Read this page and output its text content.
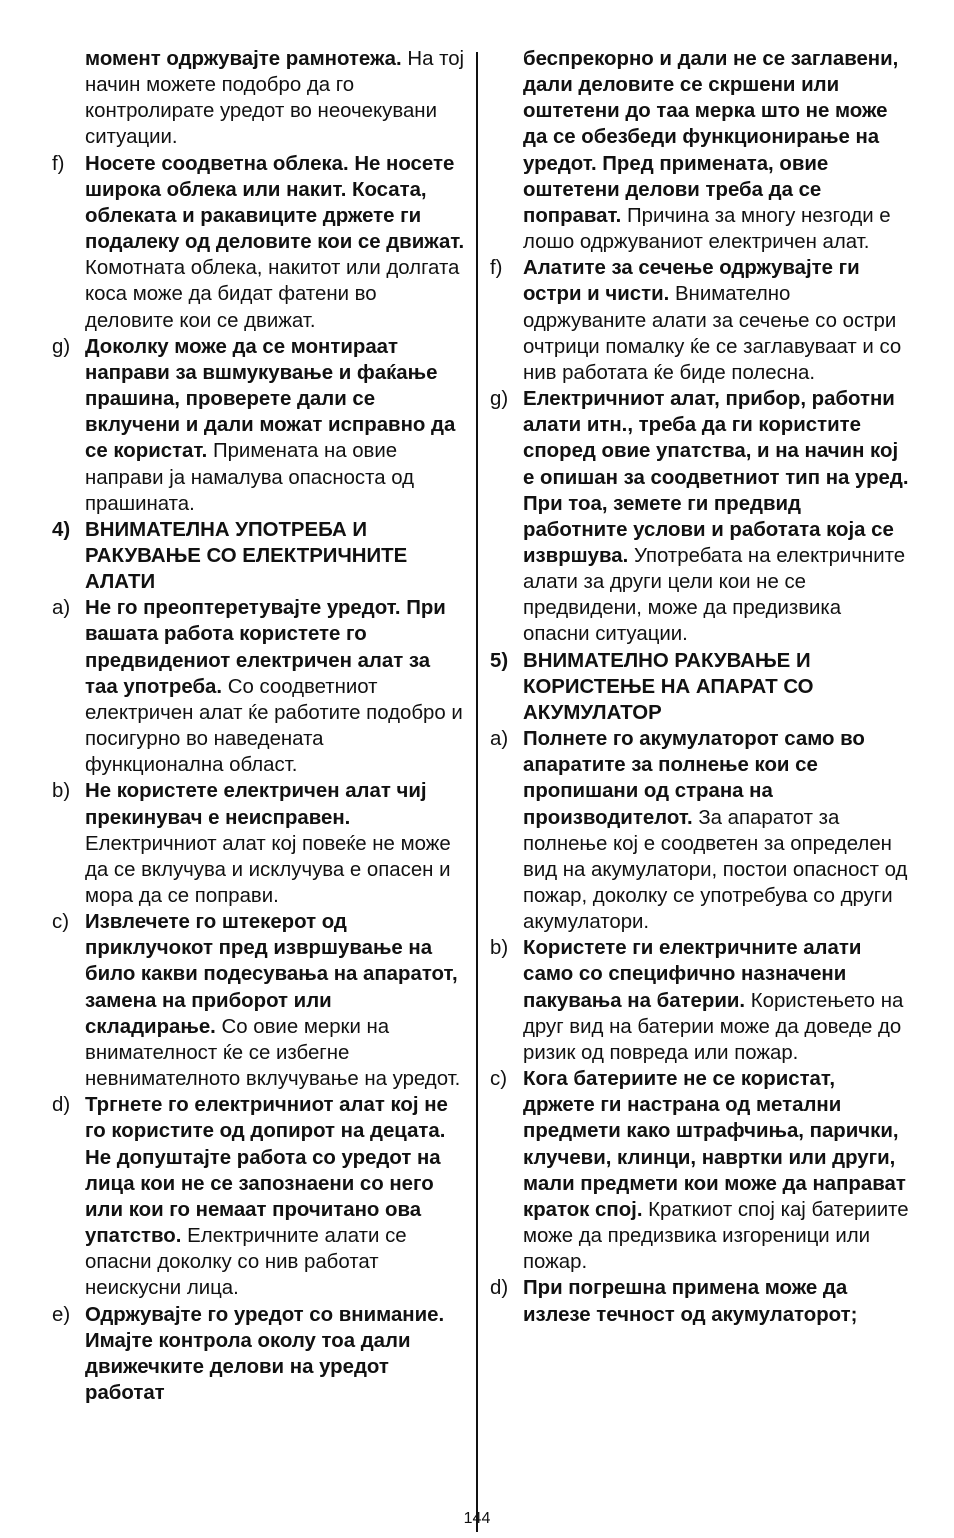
момент одржувајте рамнотежа. На тој начин можете подобро да го контролирате уредот во неочекувани ситуации.
f) Носете соодветна облека. Не носете широка облека или накит. Косата, облеката и ракавиците држете ги подалеку од деловите кои се движат. Комотната облека, накитот или долгата коса може да бидат фатени во деловите кои се движат.
g) Доколку може да се монтираат направи за вшмукување и фаќање прашина, проверете дали се вклучени и дали можат исправно да се користат. Примената на овие направи ја намалува опасноста од прашината.
4) ВНИМАТЕЛНА УПОТРЕБА И РАКУВАЊЕ СО ЕЛЕКТРИЧНИТЕ АЛАТИ
a) Не го преоптеретувајте уредот. При вашата работа користете го предвидениот електричен алат за таа употреба. Со соодветниот електричен алат ќе работите подобро и посигурно во наведената функционална област.
b) Не користете електричен алат чиј прекинувач е неисправен. Електричниот алат кој повеќе не може да се вклучува и исклучува е опасен и мора да се поправи.
c) Извлечете го штекерот од приклучокот пред извршување на било какви подесувања на апаратот, замена на приборот или складирање. Со овие мерки на внимателност ќе се избегне невнимателното вклучување на уредот.
d) Тргнете го електричниот алат кој не го користите од допирот на децата. Не допуштајте работа со уредот на лица кои не се запознаени со него или кои го немаат прочитано ова упатство. Електричните алати се опасни доколку со нив работат неискусни лица.
e) Одржувајте го уредот со внимание. Имајте контрола околу тоа дали движечките делови на уредот работат
беспрекорно и дали не се заглавени, дали деловите се скршени или оштетени до таа мерка што не може да се обезбеди функционирање на уредот. Пред примената, овие оштетени делови треба да се поправат. Причина за многу незгоди е лошо одржуваниот електричен алат.
f) Алатите за сечење одржувајте ги остри и чисти. Внимателно одржуваните алати за сечење со остри очтрици помалку ќе се заглавуваат и со нив работата ќе биде полесна.
g) Електричниот алат, прибор, работни алати итн., треба да ги користите според овие упатства, и на начин кој е опишан за соодветниот тип на уред. При тоа, земете ги предвид работните услови и работата која се извршува. Употребата на електричните алати за други цели кои не се предвидени, може да предизвика опасни ситуации.
5) ВНИМАТЕЛНО РАКУВАЊЕ И КОРИСТЕЊЕ НА АПАРАТ СО АКУМУЛАТОР
a) Полнете го акумулаторот само во апаратите за полнење кои се пропишани од страна на производителот. За апаратот за полнење кој е соодветен за определен вид на акумулатори, постои опасност од пожар, доколку се употребува со други акумулатори.
b) Користете ги електричните алати само со специфично назначени пакувања на батерии. Користењето на друг вид на батерии може да доведе до ризик од повреда или пожар.
c) Кога батериите не се користат, држете ги настрана од метални предмети како штрафчиња, парички, клучеви, клинци, навртки или други, мали предмети кои може да направат краток спој. Краткиот спој кај батериите може да предизвика изгореници или пожар.
d) При погрешна примена може да излезе течност од акумулаторот;
144
